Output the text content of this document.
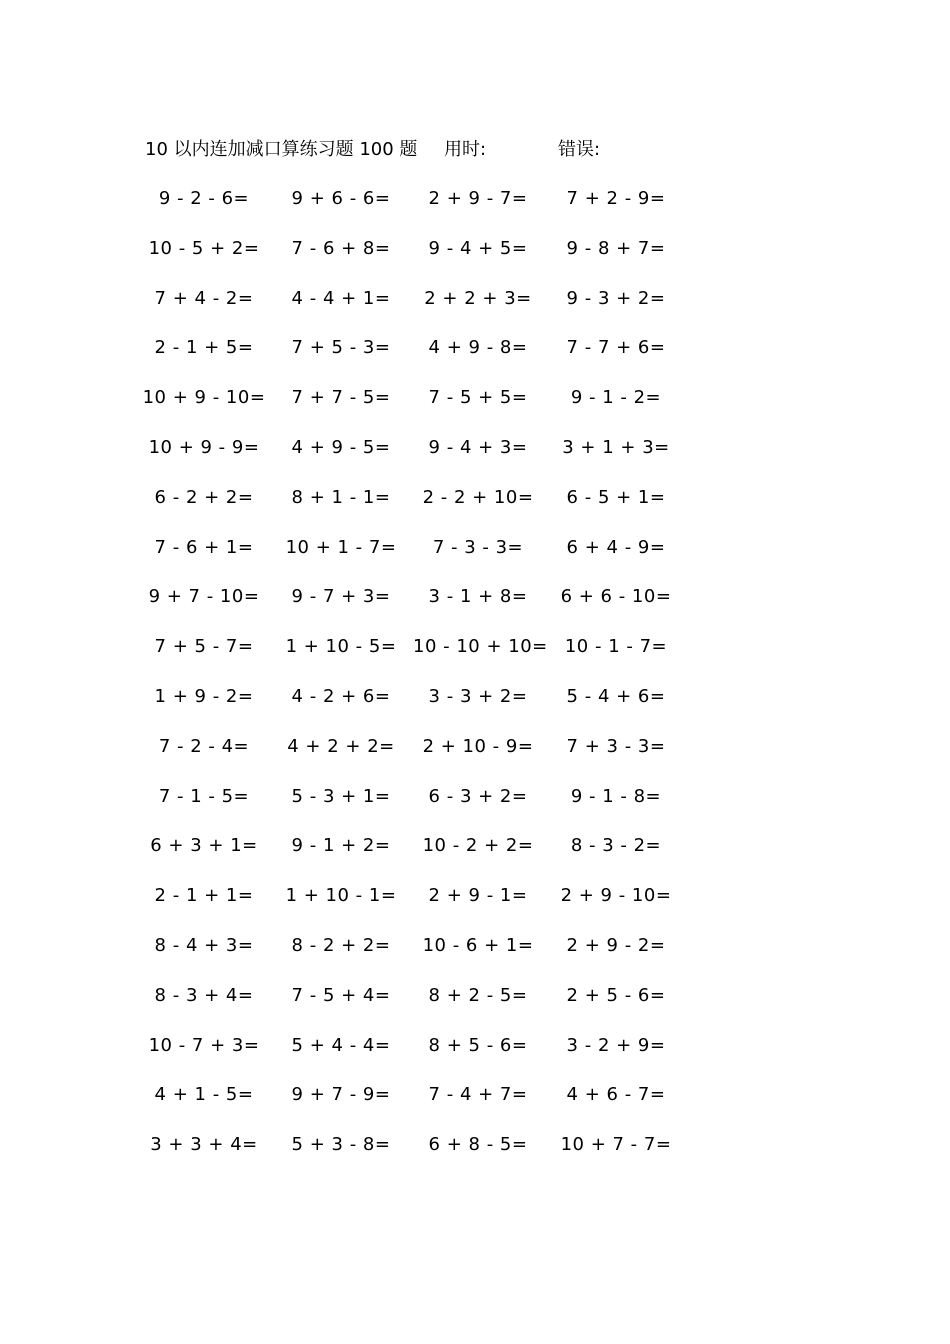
10 以内连加减口算练习题 100 题 用时:	错误:
9 - 2 - 6=	9 + 6 - 6=	2 + 9 - 7=	7 + 2 - 9=
10 - 5 + 2=	7 - 6 + 8=	9 - 4 + 5=	9 - 8 + 7=
7 + 4 - 2=	4 - 4 + 1=	2 + 2 + 3=	9 - 3 + 2=
2 - 1 + 5=	7 + 5 - 3=	4 + 9 - 8=	7 - 7 + 6=
10 + 9 - 10=	7 + 7 - 5=	7 - 5 + 5=	9 - 1 - 2=
10 + 9 - 9=	4 + 9 - 5=	9 - 4 + 3=	3 + 1 + 3=
6 - 2 + 2=	8 + 1 - 1=	2 - 2 + 10=	6 - 5 + 1=
7 - 6 + 1=	10 + 1 - 7=	7 - 3 - 3=	6 + 4 - 9=
9 + 7 - 10=	9 - 7 + 3=	3 - 1 + 8=	6 + 6 - 10=
7 + 5 - 7=	1 + 10 - 5= 10 - 10 + 10= 10 - 1 - 7=
1 + 9 - 2=	4 - 2 + 6=	3 - 3 + 2=	5 - 4 + 6=
7 - 2 - 4=	4 + 2 + 2=	2 + 10 - 9=	7 + 3 - 3=
7 - 1 - 5=	5 - 3 + 1=	6 - 3 + 2=	9 - 1 - 8=
6 + 3 + 1=	9 - 1 + 2=	10 - 2 + 2=	8 - 3 - 2=
2 - 1 + 1=	1 + 10 - 1=	2 + 9 - 1=	2 + 9 - 10=
8 - 4 + 3=	8 - 2 + 2=	10 - 6 + 1=	2 + 9 - 2=
8 - 3 + 4=	7 - 5 + 4=	8 + 2 - 5=	2 + 5 - 6=
10 - 7 + 3=	5 + 4 - 4=	8 + 5 - 6=	3 - 2 + 9=
4 + 1 - 5=	9 + 7 - 9=	7 - 4 + 7=	4 + 6 - 7=
3 + 3 + 4=	5 + 3 - 8=	6 + 8 - 5=	10 + 7 - 7=
